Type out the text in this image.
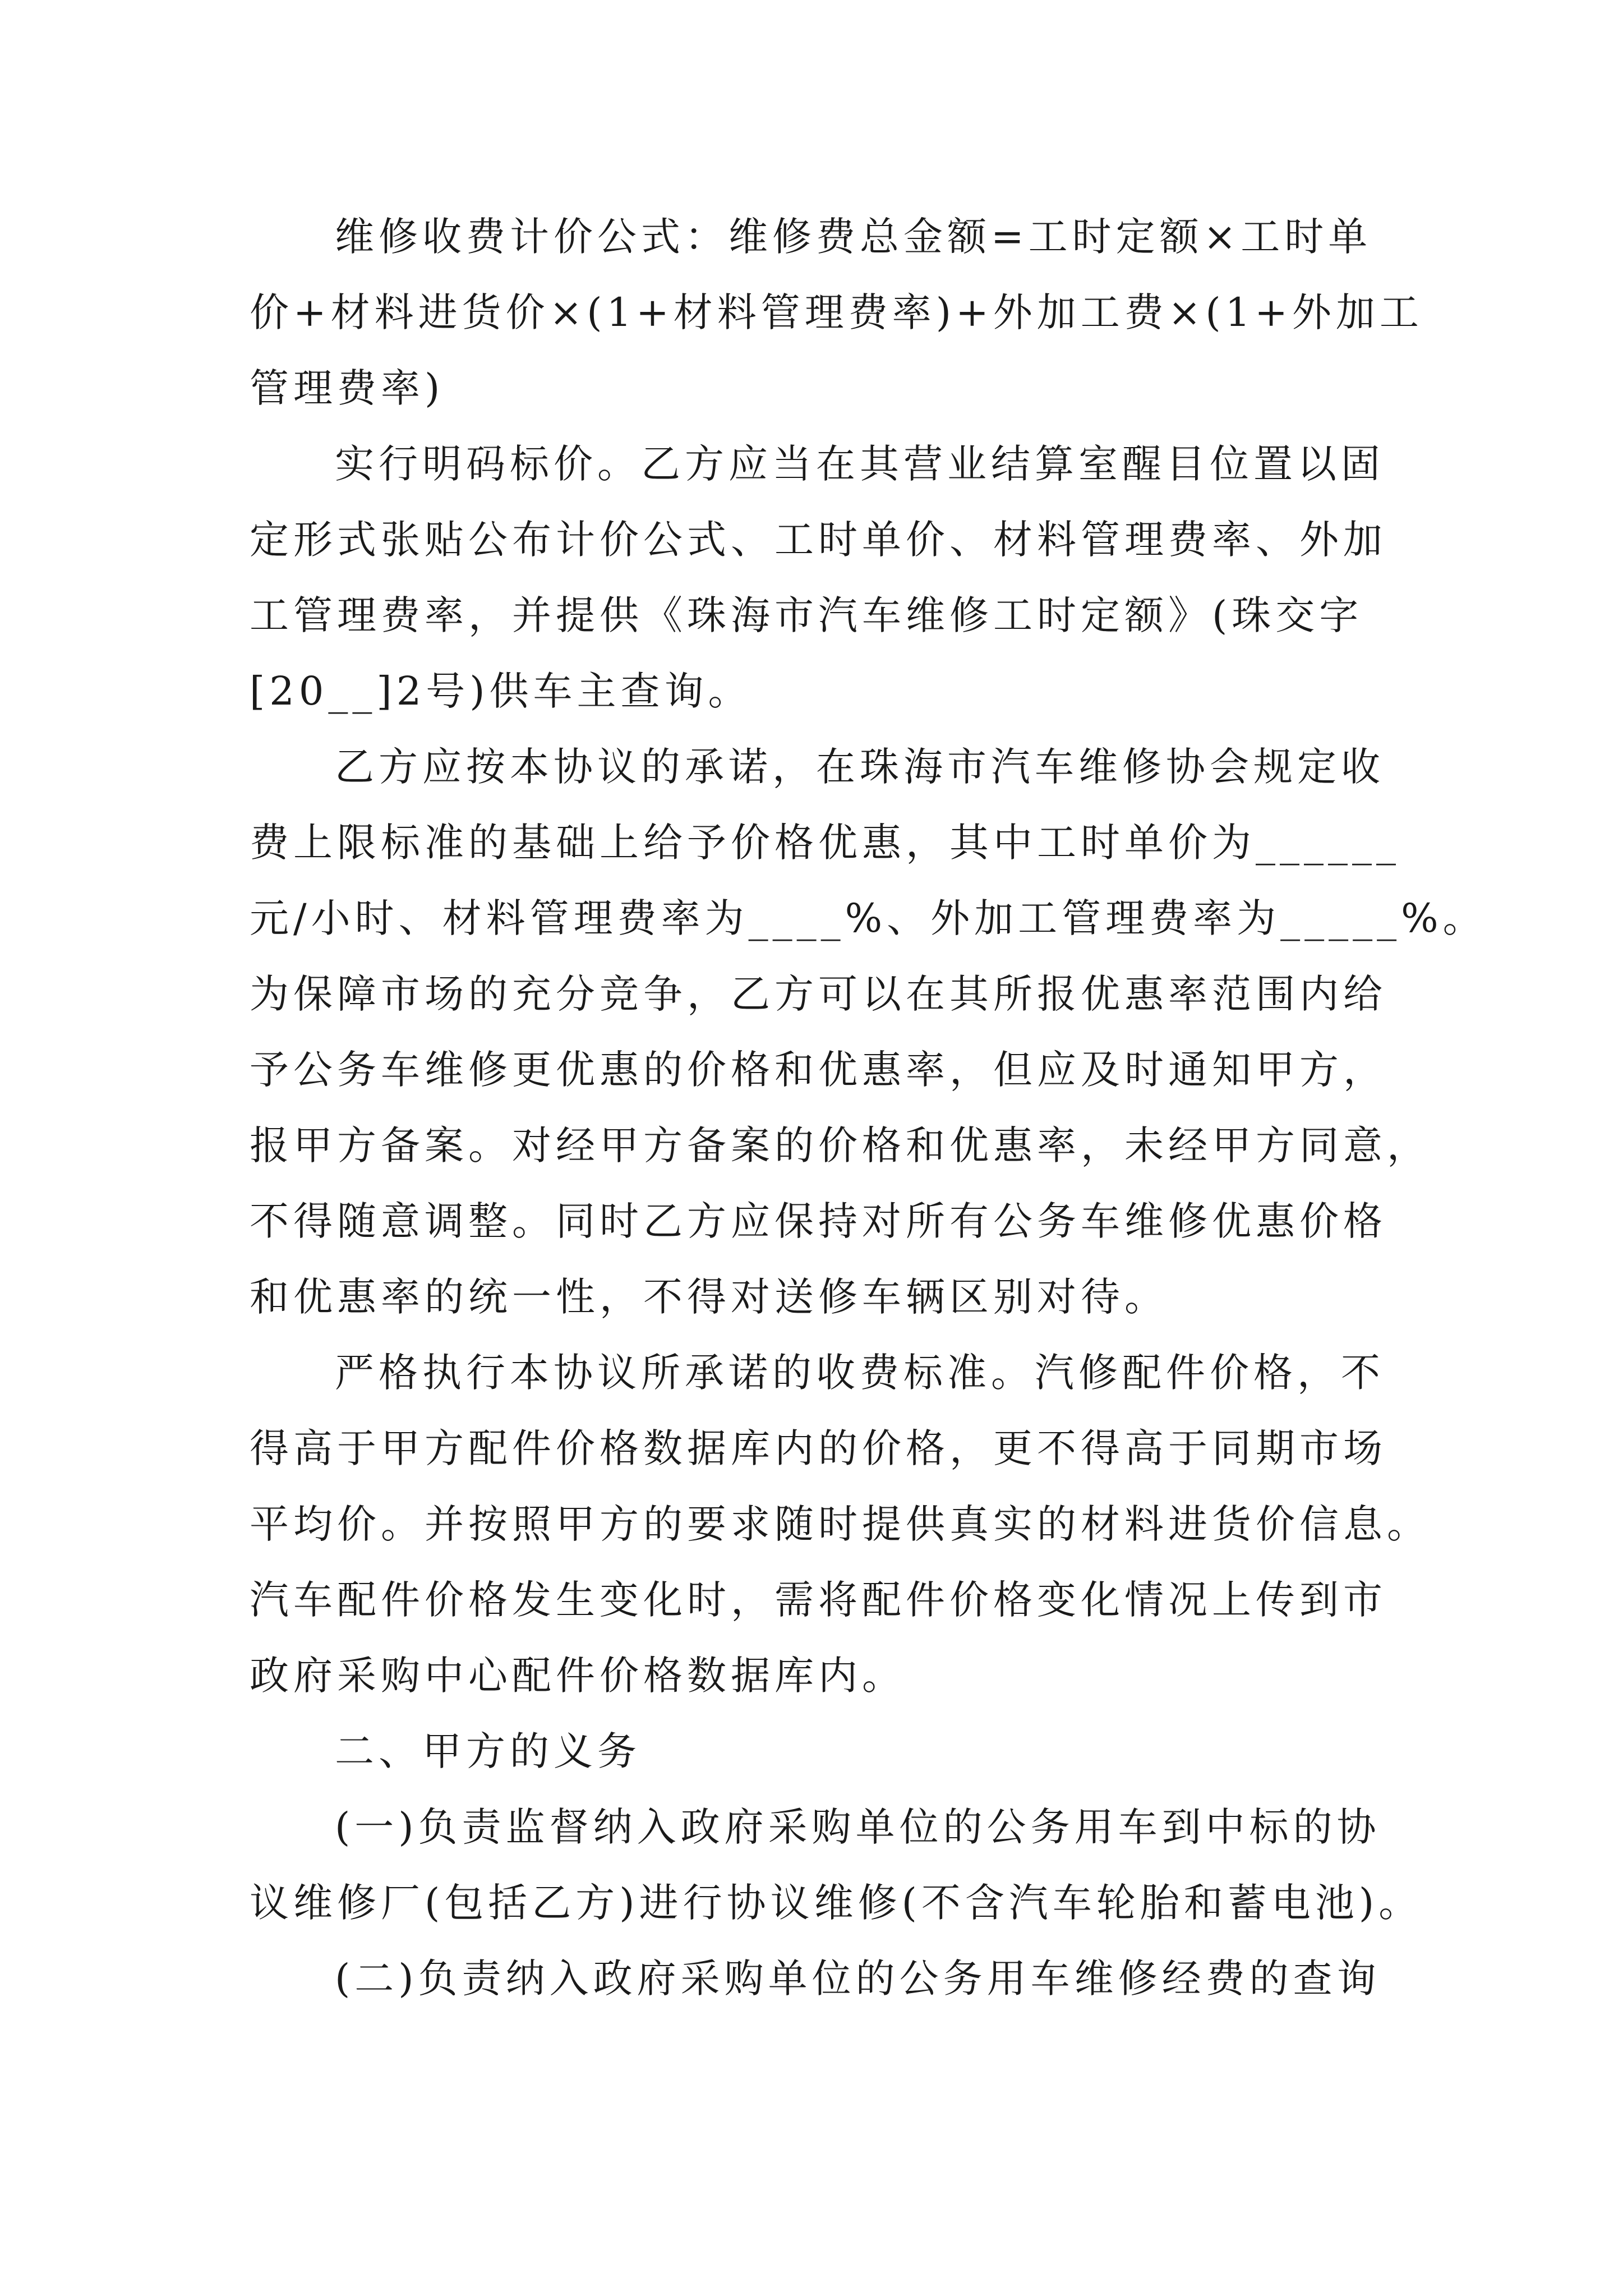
维修收费计价公式：维修费总金额=工时定额×工时单
价+材料进货价×(1+材料管理费率)+外加工费×(1+外加工
管理费率)
实行明码标价。乙方应当在其营业结算室醒目位置以固
定形式张贴公布计价公式、工时单价、材料管理费率、外加
工管理费率，并提供《珠海市汽车维修工时定额》(珠交字
[20__]2号)供车主查询。
乙方应按本协议的承诺，在珠海市汽车维修协会规定收
费上限标准的基础上给予价格优惠，其中工时单价为______
元/小时、材料管理费率为____%、外加工管理费率为_____%。
为保障市场的充分竞争，乙方可以在其所报优惠率范围内给
予公务车维修更优惠的价格和优惠率，但应及时通知甲方，
报甲方备案。对经甲方备案的价格和优惠率，未经甲方同意，
不得随意调整。同时乙方应保持对所有公务车维修优惠价格
和优惠率的统一性，不得对送修车辆区别对待。
严格执行本协议所承诺的收费标准。汽修配件价格，不
得高于甲方配件价格数据库内的价格，更不得高于同期市场
平均价。并按照甲方的要求随时提供真实的材料进货价信息。
汽车配件价格发生变化时，需将配件价格变化情况上传到市
政府采购中心配件价格数据库内。
二、甲方的义务
(一)负责监督纳入政府采购单位的公务用车到中标的协
议维修厂(包括乙方)进行协议维修(不含汽车轮胎和蓄电池)。
(二)负责纳入政府采购单位的公务用车维修经费的查询
